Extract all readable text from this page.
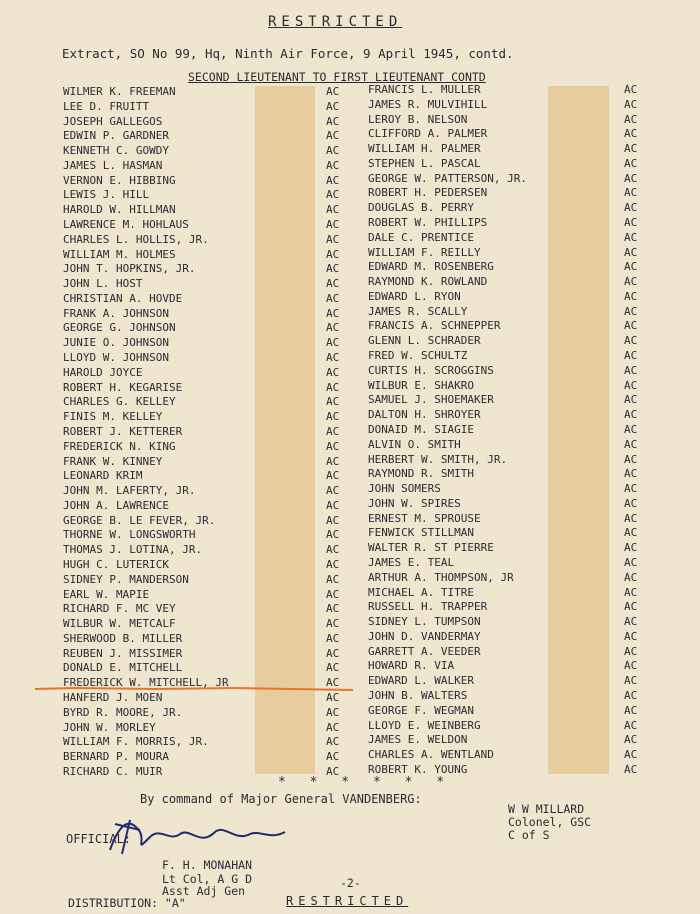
RESTRICTED
Extract, SO No 99, Hq, Ninth Air Force, 9 April 1945, contd.
SECOND LIEUTENANT TO FIRST LIEUTENANT CONTD
WILMER K. FREEMAN	AC
LEE D. FRUITT	AC
JOSEPH GALLEGOS	AC
EDWIN P. GARDNER	AC
KENNETH C. GOWDY	AC
JAMES L. HASMAN	AC
VERNON E. HIBBING	AC
LEWIS J. HILL	AC
HAROLD W. HILLMAN	AC
LAWRENCE M. HOHLAUS	AC
CHARLES L. HOLLIS, JR.	AC
WILLIAM M. HOLMES	AC
JOHN T. HOPKINS, JR.	AC
JOHN L. HOST	AC
CHRISTIAN A. HOVDE	AC
FRANK A. JOHNSON	AC
GEORGE G. JOHNSON	AC
JUNIE O. JOHNSON	AC
LLOYD W. JOHNSON	AC
HAROLD JOYCE	AC
ROBERT H. KEGARISE	AC
CHARLES G. KELLEY	AC
FINIS M. KELLEY	AC
ROBERT J. KETTERER	AC
FREDERICK N. KING	AC
FRANK W. KINNEY	AC
LEONARD KRIM	AC
JOHN M. LAFERTY, JR.	AC
JOHN A. LAWRENCE	AC
GEORGE B. LE FEVER, JR.	AC
THORNE W. LONGSWORTH	AC
THOMAS J. LOTINA, JR.	AC
HUGH C. LUTERICK	AC
SIDNEY P. MANDERSON	AC
EARL W. MAPIE	AC
RICHARD F. MC VEY	AC
WILBUR W. METCALF	AC
SHERWOOD B. MILLER	AC
REUBEN J. MISSIMER	AC
DONALD E. MITCHELL	AC
FREDERICK W. MITCHELL, JR	AC
HANFERD J. MOEN	AC
BYRD R. MOORE, JR.	AC
JOHN W. MORLEY	AC
WILLIAM F. MORRIS, JR.	AC
BERNARD P. MOURA	AC
RICHARD C. MUIR	AC
FRANCIS L. MULLER	AC
JAMES R. MULVIHILL	AC
LEROY B. NELSON	AC
CLIFFORD A. PALMER	AC
WILLIAM H. PALMER	AC
STEPHEN L. PASCAL	AC
GEORGE W. PATTERSON, JR.	AC
ROBERT H. PEDERSEN	AC
DOUGLAS B. PERRY	AC
ROBERT W. PHILLIPS	AC
DALE C. PRENTICE	AC
WILLIAM F. REILLY	AC
EDWARD M. ROSENBERG	AC
RAYMOND K. ROWLAND	AC
EDWARD L. RYON	AC
JAMES R. SCALLY	AC
FRANCIS A. SCHNEPPER	AC
GLENN L. SCHRADER	AC
FRED W. SCHULTZ	AC
CURTIS H. SCROGGINS	AC
WILBUR E. SHAKRO	AC
SAMUEL J. SHOEMAKER	AC
DALTON H. SHROYER	AC
DONAID M. SIAGIE	AC
ALVIN O. SMITH	AC
HERBERT W. SMITH, JR.	AC
RAYMOND R. SMITH	AC
JOHN SOMERS	AC
JOHN W. SPIRES	AC
ERNEST M. SPROUSE	AC
FENWICK STILLMAN	AC
WALTER R. ST PIERRE	AC
JAMES E. TEAL	AC
ARTHUR A. THOMPSON, JR	AC
MICHAEL A. TITRE	AC
RUSSELL H. TRAPPER	AC
SIDNEY L. TUMPSON	AC
JOHN D. VANDERMAY	AC
GARRETT A. VEEDER	AC
HOWARD R. VIA	AC
EDWARD L. WALKER	AC
JOHN B. WALTERS	AC
GEORGE F. WEGMAN	AC
LLOYD E. WEINBERG	AC
JAMES E. WELDON	AC
CHARLES A. WENTLAND	AC
ROBERT K. YOUNG	AC
* * * * * *
By command of Major General VANDENBERG:
OFFICIAL:
F. H. MONAHAN
Lt Col, A G D
Asst Adj Gen
DISTRIBUTION: "A"
-2-
RESTRICTED
W W MILLARD
Colonel, GSC
C of S
